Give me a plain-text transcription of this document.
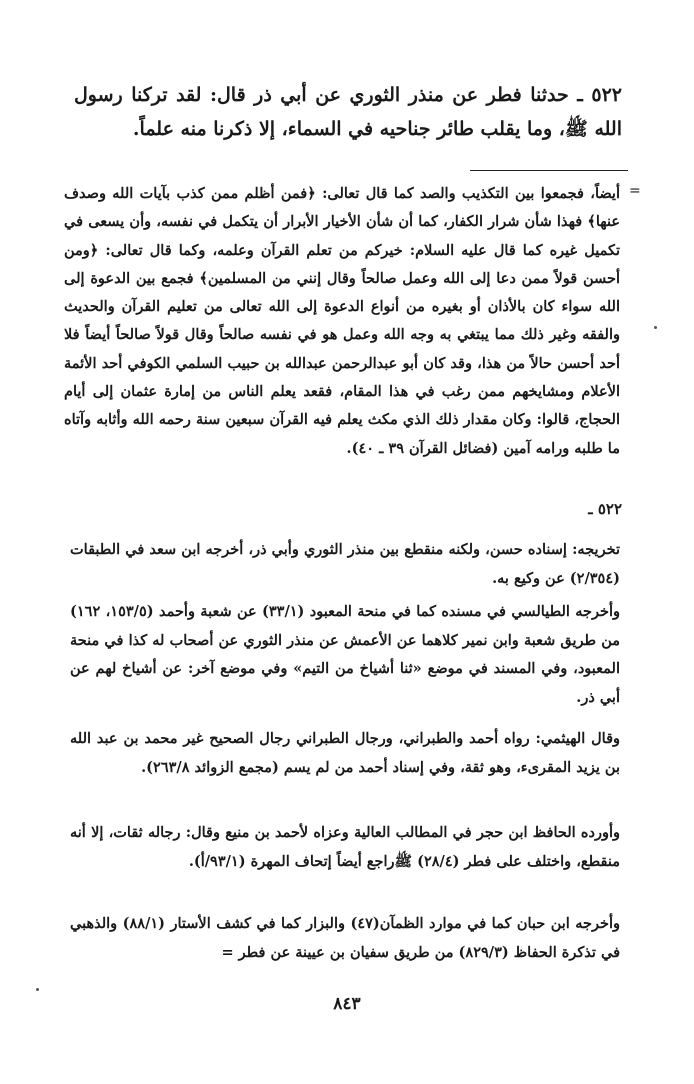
٥٢٢ ـ حدثنا فطر عن منذر الثوري عن أبي ذر قال: لقد تركنا رسول الله ﷺ، وما يقلب طائر جناحيه في السماء، إلا ذكرنا منه علماً.
=
أيضاً، فجمعوا بين التكذيب والصد كما قال تعالى: ﴿فمن أظلم ممن كذب بآيات الله وصدف عنها﴾ فهذا شأن شرار الكفار، كما أن شأن الأخيار الأبرار أن يتكمل في نفسه، وأن يسعى في تكميل غيره كما قال عليه السلام: خيركم من تعلم القرآن وعلمه، وكما قال تعالى: ﴿ومن أحسن قولاً ممن دعا إلى الله وعمل صالحاً وقال إنني من المسلمين﴾ فجمع بين الدعوة إلى الله سواء كان بالأذان أو بغيره من أنواع الدعوة إلى الله تعالى من تعليم القرآن والحديث والفقه وغير ذلك مما يبتغي به وجه الله وعمل هو في نفسه صالحاً وقال قولاً صالحاً أيضاً فلا أحد أحسن حالاً من هذا، وقد كان أبو عبدالرحمن عبدالله بن حبيب السلمي الكوفي أحد الأئمة الأعلام ومشايخهم ممن رغب في هذا المقام، فقعد يعلم الناس من إمارة عثمان إلى أيام الحجاج، قالوا: وكان مقدار ذلك الذي مكث يعلم فيه القرآن سبعين سنة رحمه الله وأثابه وآتاه ما طلبه ورامه آمين (فضائل القرآن ٣٩ ـ ٤٠).
٥٢٢ ـ
تخريجه: إسناده حسن، ولكنه منقطع بين منذر الثوري وأبي ذر، أخرجه ابن سعد في الطبقات (٢/٣٥٤) عن وكيع به.
وأخرجه الطيالسي في مسنده كما في منحة المعبود (٣٣/١) عن شعبة وأحمد (١٥٣/٥، ١٦٢) من طريق شعبة وابن نمير كلاهما عن الأعمش عن منذر الثوري عن أصحاب له كذا في منحة المعبود، وفي المسند في موضع «ثنا أشياخ من التيم» وفي موضع آخر: عن أشياخ لهم عن أبي ذر.
وقال الهيثمي: رواه أحمد والطبراني، ورجال الطبراني رجال الصحيح غير محمد بن عبد الله بن يزيد المقرىء، وهو ثقة، وفي إسناد أحمد من لم يسم (مجمع الزوائد ٢٦٣/٨).
وأورده الحافظ ابن حجر في المطالب العالية وعزاه لأحمد بن منيع وقال: رجاله ثقات، إلا أنه منقطع، واختلف على فطر (٢٨/٤) ﷺراجع أيضاً إتحاف المهرة (٩٣/١/أ).
وأخرجه ابن حبان كما في موارد الظمآن(٤٧) والبزار كما في كشف الأستار (٨٨/١) والذهبي في تذكرة الحفاظ (٨٢٩/٣) من طريق سفيان بن عيينة عن فطر =
٨٤٣
